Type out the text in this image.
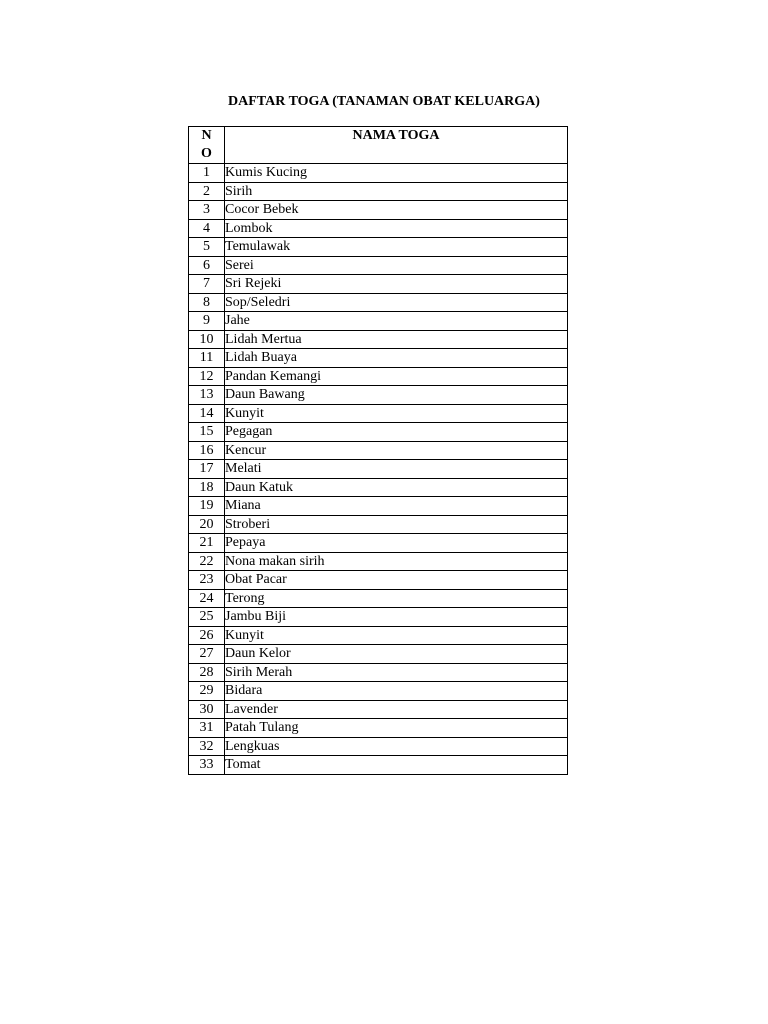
DAFTAR TOGA (TANAMAN OBAT KELUARGA)
N
O	NAMA TOGA
1	Kumis Kucing
2	Sirih
3	Cocor Bebek
4	Lombok
5	Temulawak
6	Serei
7	Sri Rejeki
8	Sop/Seledri
9	Jahe
10	Lidah Mertua
11	Lidah Buaya
12	Pandan Kemangi
13	Daun Bawang
14	Kunyit
15	Pegagan
16	Kencur
17	Melati
18	Daun Katuk
19	Miana
20	Stroberi
21	Pepaya
22	Nona makan sirih
23	Obat Pacar
24	Terong
25	Jambu Biji
26	Kunyit
27	Daun Kelor
28	Sirih Merah
29	Bidara
30	Lavender
31	Patah Tulang
32	Lengkuas
33	Tomat
